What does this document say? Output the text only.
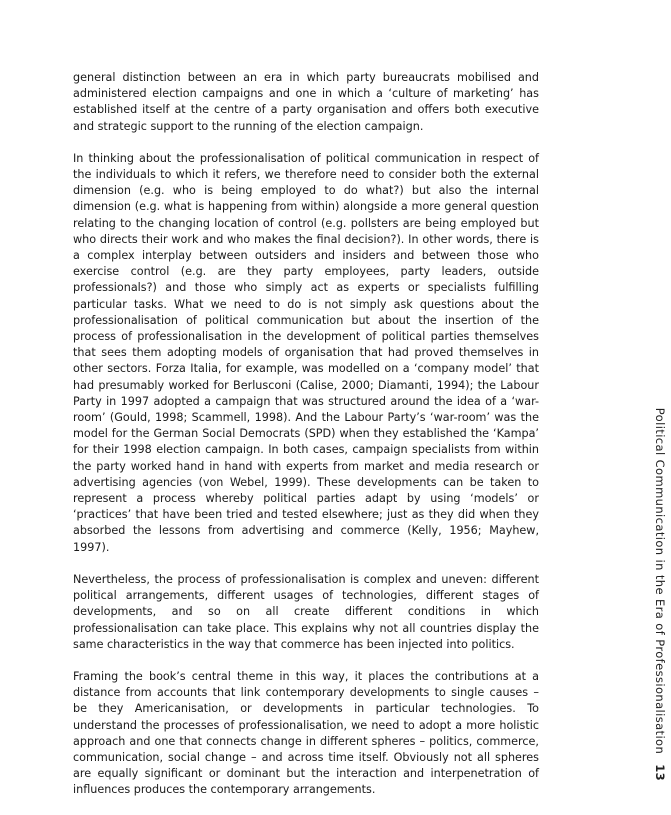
general distinction between an era in which party bureaucrats mobilised and administered election campaigns and one in which a ‘culture of marketing’ has established itself at the centre of a party organisation and offers both executive and strategic support to the running of the election campaign.

In thinking about the professionalisation of political communication in respect of the individuals to which it refers, we therefore need to consider both the external dimension (e.g. who is being employed to do what?) but also the internal dimension (e.g. what is happening from within) alongside a more general question relating to the changing location of control (e.g. pollsters are being employed but who directs their work and who makes the final decision?). In other words, there is a complex interplay between outsiders and insiders and between those who exercise control (e.g. are they party employees, party leaders, outside professionals?) and those who simply act as experts or specialists fulfilling particular tasks. What we need to do is not simply ask questions about the professionalisation of political communication but about the insertion of the process of professionalisation in the development of political parties themselves that sees them adopting models of organisation that had proved themselves in other sectors. Forza Italia, for example, was modelled on a ‘company model’ that had presumably worked for Berlusconi (Calise, 2000; Diamanti, 1994); the Labour Party in 1997 adopted a campaign that was structured around the idea of a ‘war-room’ (Gould, 1998; Scammell, 1998). And the Labour Party’s ‘war-room’ was the model for the German Social Democrats (SPD) when they established the ‘Kampa’ for their 1998 election campaign. In both cases, campaign specialists from within the party worked hand in hand with experts from market and media research or advertising agencies (von Webel, 1999). These developments can be taken to represent a process whereby political parties adapt by using ‘models’ or ‘practices’ that have been tried and tested elsewhere; just as they did when they absorbed the lessons from advertising and commerce (Kelly, 1956; Mayhew, 1997).

Nevertheless, the process of professionalisation is complex and uneven: different political arrangements, different usages of technologies, different stages of developments, and so on all create different conditions in which professionalisation can take place. This explains why not all countries display the same characteristics in the way that commerce has been injected into politics.

Framing the book’s central theme in this way, it places the contributions at a distance from accounts that link contemporary developments to single causes – be they Americanisation, or developments in particular technologies. To understand the processes of professionalisation, we need to adopt a more holistic approach and one that connects change in different spheres – politics, commerce, communication, social change – and across time itself. Obviously not all spheres are equally significant or dominant but the interaction and interpenetration of influences produces the contemporary arrangements.

Political Communication in the Era of Professionalisation
13
